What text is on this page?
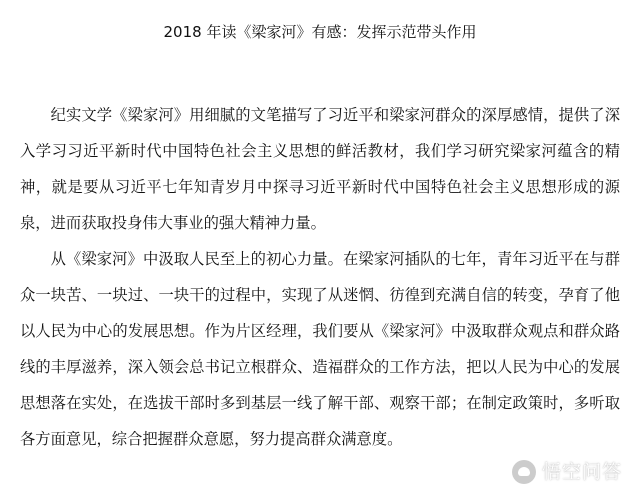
2018 年读《梁家河》有感：发挥示范带头作用

纪实文学《梁家河》用细腻的文笔描写了习近平和梁家河群众的深厚感情，提供了深入学习习近平新时代中国特色社会主义思想的鲜活教材，我们学习研究梁家河蕴含的精神，就是要从习近平七年知青岁月中探寻习近平新时代中国特色社会主义思想形成的源泉，进而获取投身伟大事业的强大精神力量。

从《梁家河》中汲取人民至上的初心力量。在梁家河插队的七年，青年习近平在与群众一块苦、一块过、一块干的过程中，实现了从迷惘、彷徨到充满自信的转变，孕育了他以人民为中心的发展思想。作为片区经理，我们要从《梁家河》中汲取群众观点和群众路线的丰厚滋养，深入领会总书记立根群众、造福群众的工作方法，把以人民为中心的发展思想落在实处，在选拔干部时多到基层一线了解干部、观察干部；在制定政策时，多听取各方面意见，综合把握群众意愿，努力提高群众满意度。

悟空问答
